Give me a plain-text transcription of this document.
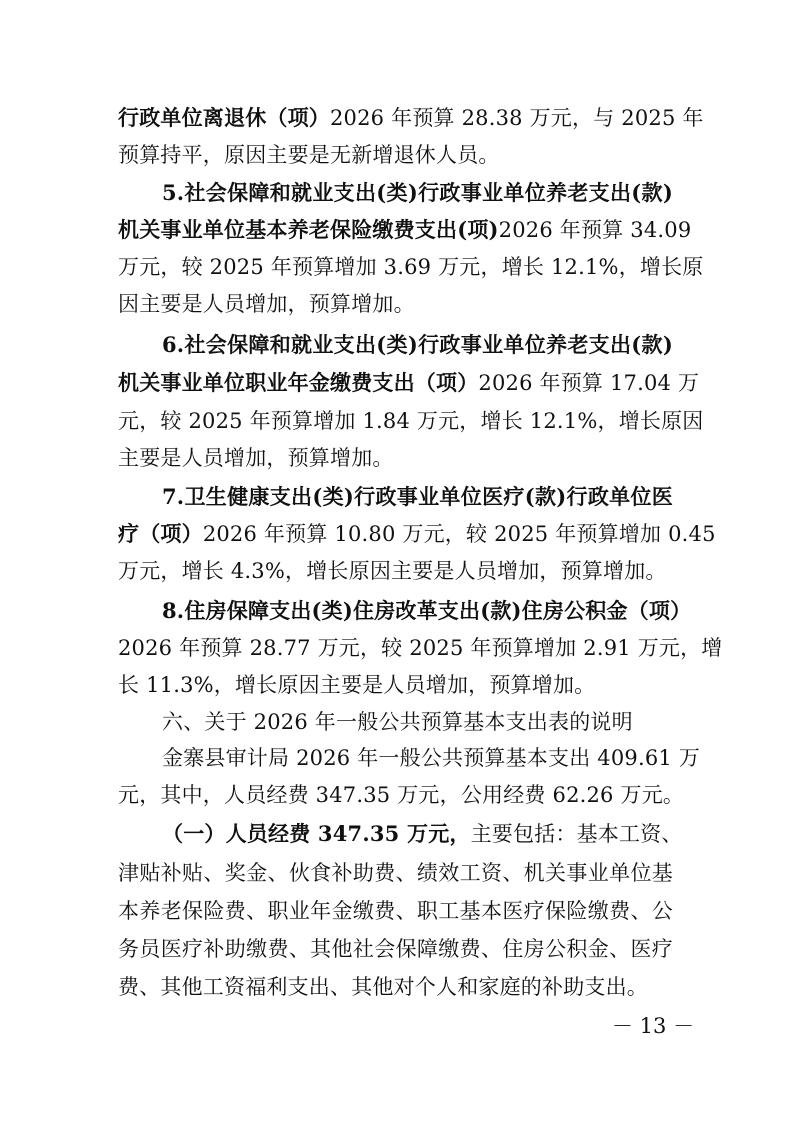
行政单位离退休（项）2026 年预算 28.38 万元，与 2025 年
预算持平，原因主要是无新增退休人员。
5.社会保障和就业支出(类)行政事业单位养老支出(款)
机关事业单位基本养老保险缴费支出(项)2026 年预算 34.09
万元，较 2025 年预算增加 3.69 万元，增长 12.1%，增长原
因主要是人员增加，预算增加。
6.社会保障和就业支出(类)行政事业单位养老支出(款)
机关事业单位职业年金缴费支出（项）2026 年预算 17.04 万
元，较 2025 年预算增加 1.84 万元，增长 12.1%，增长原因
主要是人员增加，预算增加。
7.卫生健康支出(类)行政事业单位医疗(款)行政单位医
疗（项）2026 年预算 10.80 万元，较 2025 年预算增加 0.45
万元，增长 4.3%，增长原因主要是人员增加，预算增加。
8.住房保障支出(类)住房改革支出(款)住房公积金（项）
2026 年预算 28.77 万元，较 2025 年预算增加 2.91 万元，增
长 11.3%，增长原因主要是人员增加，预算增加。
六、关于 2026 年一般公共预算基本支出表的说明
金寨县审计局 2026 年一般公共预算基本支出 409.61 万
元，其中，人员经费 347.35 万元，公用经费 62.26 万元。
（一）人员经费 347.35 万元，主要包括：基本工资、
津贴补贴、奖金、伙食补助费、绩效工资、机关事业单位基
本养老保险费、职业年金缴费、职工基本医疗保险缴费、公
务员医疗补助缴费、其他社会保障缴费、住房公积金、医疗
费、其他工资福利支出、其他对个人和家庭的补助支出。
－ 13 －
